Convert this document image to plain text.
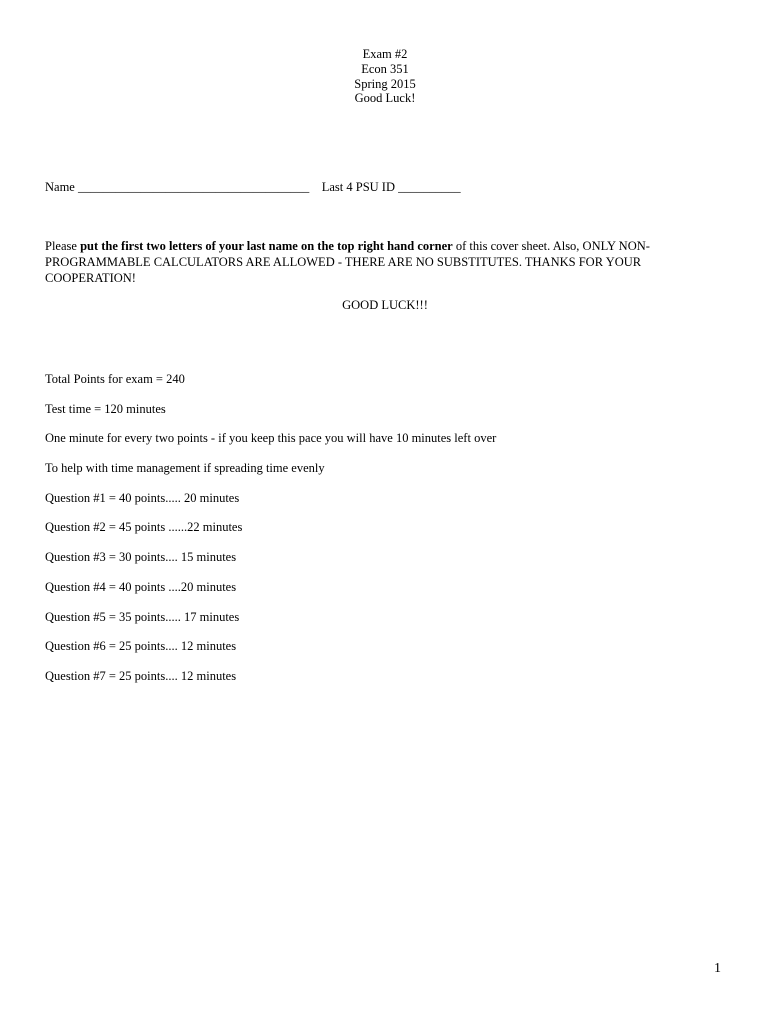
Exam #2
Econ 351
Spring 2015
Good Luck!
Name _____________________________________ Last 4 PSU ID __________
Please put the first two letters of your last name on the top right hand corner of this cover sheet. Also, ONLY NON-
PROGRAMMABLE CALCULATORS ARE ALLOWED - THERE ARE NO SUBSTITUTES. THANKS FOR YOUR
COOPERATION!
GOOD LUCK!!!
Total Points for exam = 240
Test time = 120 minutes
One minute for every two points - if you keep this pace you will have 10 minutes left over
To help with time management if spreading time evenly
Question #1 = 40 points..... 20 minutes
Question #2 = 45 points ......22 minutes
Question #3 = 30 points.... 15 minutes
Question #4 = 40 points ....20 minutes
Question #5 = 35 points..... 17 minutes
Question #6 = 25 points.... 12 minutes
Question #7 = 25 points.... 12 minutes
1
